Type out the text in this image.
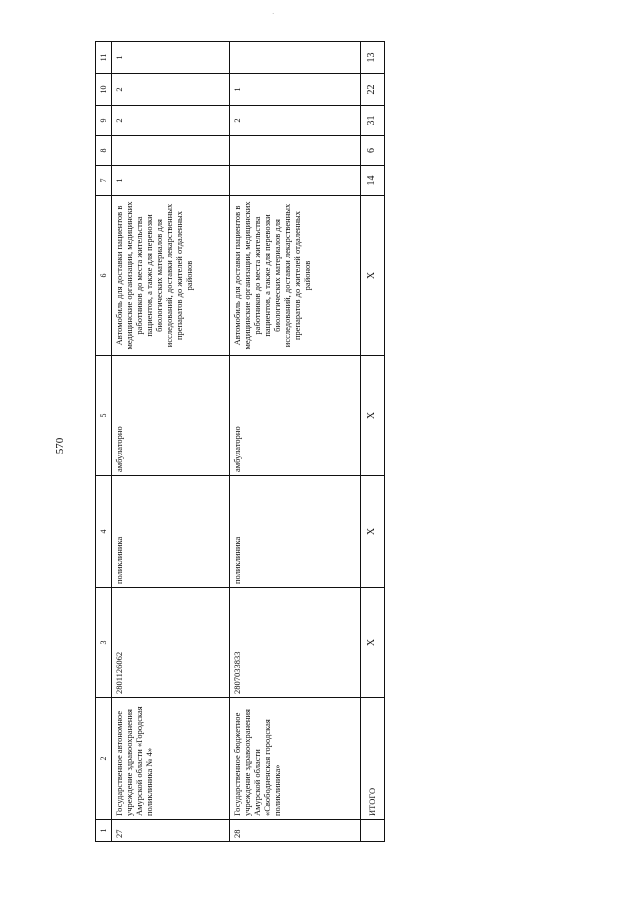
·
570
1	2	3	4	5	6	7	8	9	10	11
27	Государственное автономное учреждение здравоохранения Амурской области «Городская поликлиника № 4»	2801126062	поликлиника	амбулаторно	Автомобиль для доставки пациентов в медицинские организации, медицинских работников до места жительства пациентов, а также для перевозки биологических материалов для исследований, доставки лекарственных препаратов до жителей отдаленных районов	1		2	2	1
28	Государственное бюджетное учреждение здравоохранения Амурской области «Свободненская городская поликлиника»	2807033833	поликлиника	амбулаторно	Автомобиль для доставки пациентов в медицинские организации, медицинских работников до места жительства пациентов, а также для перевозки биологических материалов для исследований, доставки лекарственных препаратов до жителей отдаленных районов			2	1	
	ИТОГО	Х	Х	Х	Х	14	6	31	22	13
